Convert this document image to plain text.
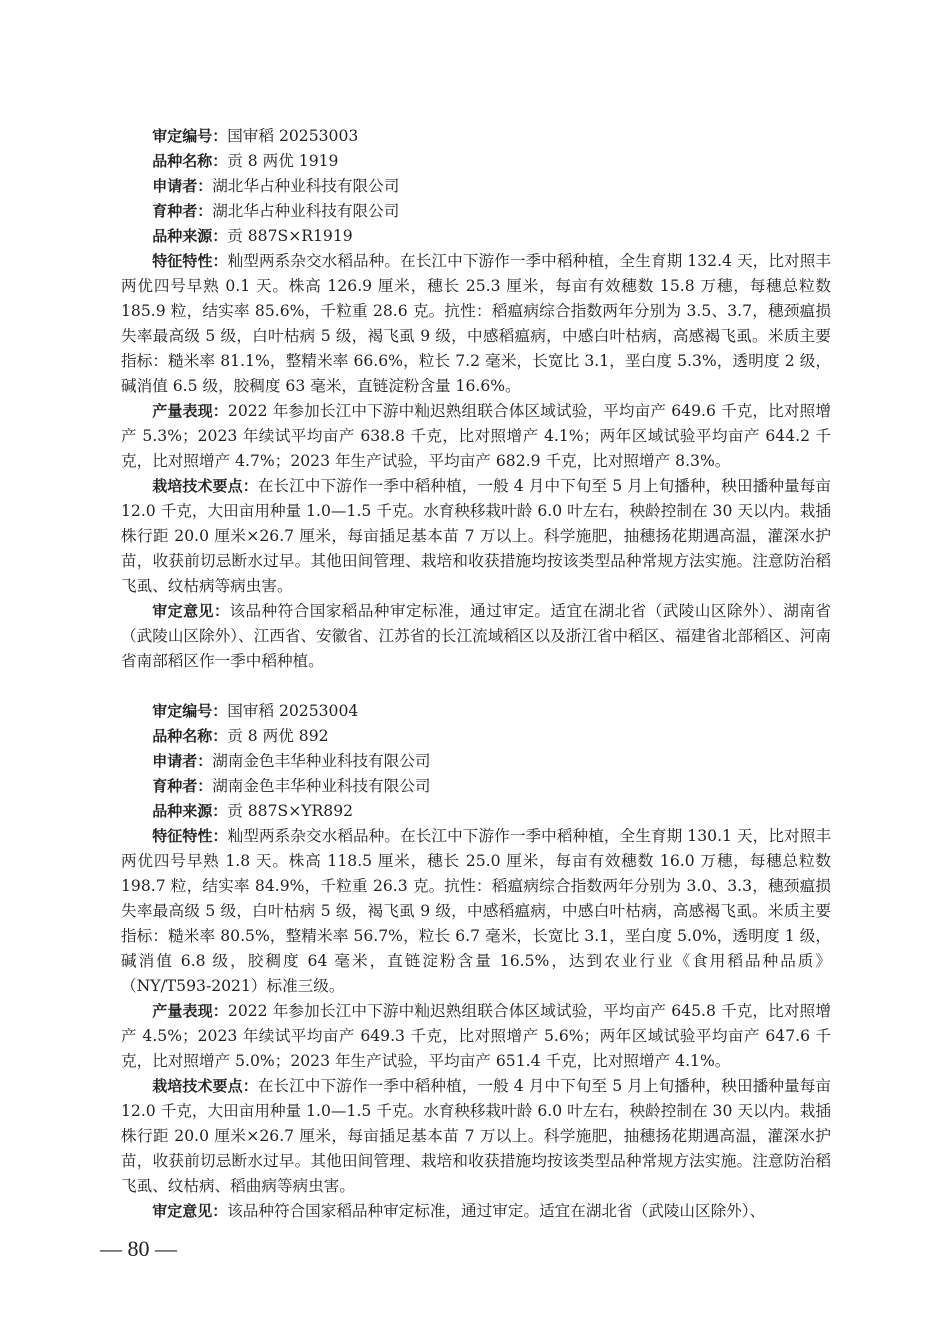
审定编号：国审稻 20253003

品种名称：贡 8 两优 1919

申请者：湖北华占种业科技有限公司

育种者：湖北华占种业科技有限公司

品种来源：贡 887S×R1919

特征特性：籼型两系杂交水稻品种。在长江中下游作一季中稻种植，全生育期 132.4 天，比对照丰两优四号早熟 0.1 天。株高 126.9 厘米，穗长 25.3 厘米，每亩有效穗数 15.8 万穗，每穗总粒数 185.9 粒，结实率 85.6%，千粒重 28.6 克。抗性：稻瘟病综合指数两年分别为 3.5、3.7，穗颈瘟损失率最高级 5 级，白叶枯病 5 级，褐飞虱 9 级，中感稻瘟病，中感白叶枯病，高感褐飞虱。米质主要指标：糙米率 81.1%，整精米率 66.6%，粒长 7.2 毫米，长宽比 3.1，垩白度 5.3%，透明度 2 级，碱消值 6.5 级，胶稠度 63 毫米，直链淀粉含量 16.6%。

产量表现：2022 年参加长江中下游中籼迟熟组联合体区域试验，平均亩产 649.6 千克，比对照增产 5.3%；2023 年续试平均亩产 638.8 千克，比对照增产 4.1%；两年区域试验平均亩产 644.2 千克，比对照增产 4.7%；2023 年生产试验，平均亩产 682.9 千克，比对照增产 8.3%。

栽培技术要点：在长江中下游作一季中稻种植，一般 4 月中下旬至 5 月上旬播种，秧田播种量每亩 12.0 千克，大田亩用种量 1.0—1.5 千克。水育秧移栽叶龄 6.0 叶左右，秧龄控制在 30 天以内。栽插株行距 20.0 厘米×26.7 厘米，每亩插足基本苗 7 万以上。科学施肥，抽穗扬花期遇高温，灌深水护苗，收获前切忌断水过早。其他田间管理、栽培和收获措施均按该类型品种常规方法实施。注意防治稻飞虱、纹枯病等病虫害。

审定意见：该品种符合国家稻品种审定标准，通过审定。适宜在湖北省（武陵山区除外）、湖南省（武陵山区除外）、江西省、安徽省、江苏省的长江流域稻区以及浙江省中稻区、福建省北部稻区、河南省南部稻区作一季中稻种植。

审定编号：国审稻 20253004

品种名称：贡 8 两优 892

申请者：湖南金色丰华种业科技有限公司

育种者：湖南金色丰华种业科技有限公司

品种来源：贡 887S×YR892

特征特性：籼型两系杂交水稻品种。在长江中下游作一季中稻种植，全生育期 130.1 天，比对照丰两优四号早熟 1.8 天。株高 118.5 厘米，穗长 25.0 厘米，每亩有效穗数 16.0 万穗，每穗总粒数 198.7 粒，结实率 84.9%，千粒重 26.3 克。抗性：稻瘟病综合指数两年分别为 3.0、3.3，穗颈瘟损失率最高级 5 级，白叶枯病 5 级，褐飞虱 9 级，中感稻瘟病，中感白叶枯病，高感褐飞虱。米质主要指标：糙米率 80.5%，整精米率 56.7%，粒长 6.7 毫米，长宽比 3.1，垩白度 5.0%，透明度 1 级，碱消值 6.8 级，胶稠度 64 毫米，直链淀粉含量 16.5%，达到农业行业《食用稻品种品质》（NY/T593-2021）标准三级。

产量表现：2022 年参加长江中下游中籼迟熟组联合体区域试验，平均亩产 645.8 千克，比对照增产 4.5%；2023 年续试平均亩产 649.3 千克，比对照增产 5.6%；两年区域试验平均亩产 647.6 千克，比对照增产 5.0%；2023 年生产试验，平均亩产 651.4 千克，比对照增产 4.1%。

栽培技术要点：在长江中下游作一季中稻种植，一般 4 月中下旬至 5 月上旬播种，秧田播种量每亩 12.0 千克，大田亩用种量 1.0—1.5 千克。水育秧移栽叶龄 6.0 叶左右，秧龄控制在 30 天以内。栽插株行距 20.0 厘米×26.7 厘米，每亩插足基本苗 7 万以上。科学施肥，抽穗扬花期遇高温，灌深水护苗，收获前切忌断水过早。其他田间管理、栽培和收获措施均按该类型品种常规方法实施。注意防治稻飞虱、纹枯病、稻曲病等病虫害。

审定意见：该品种符合国家稻品种审定标准，通过审定。适宜在湖北省（武陵山区除外）、

— 80 —
